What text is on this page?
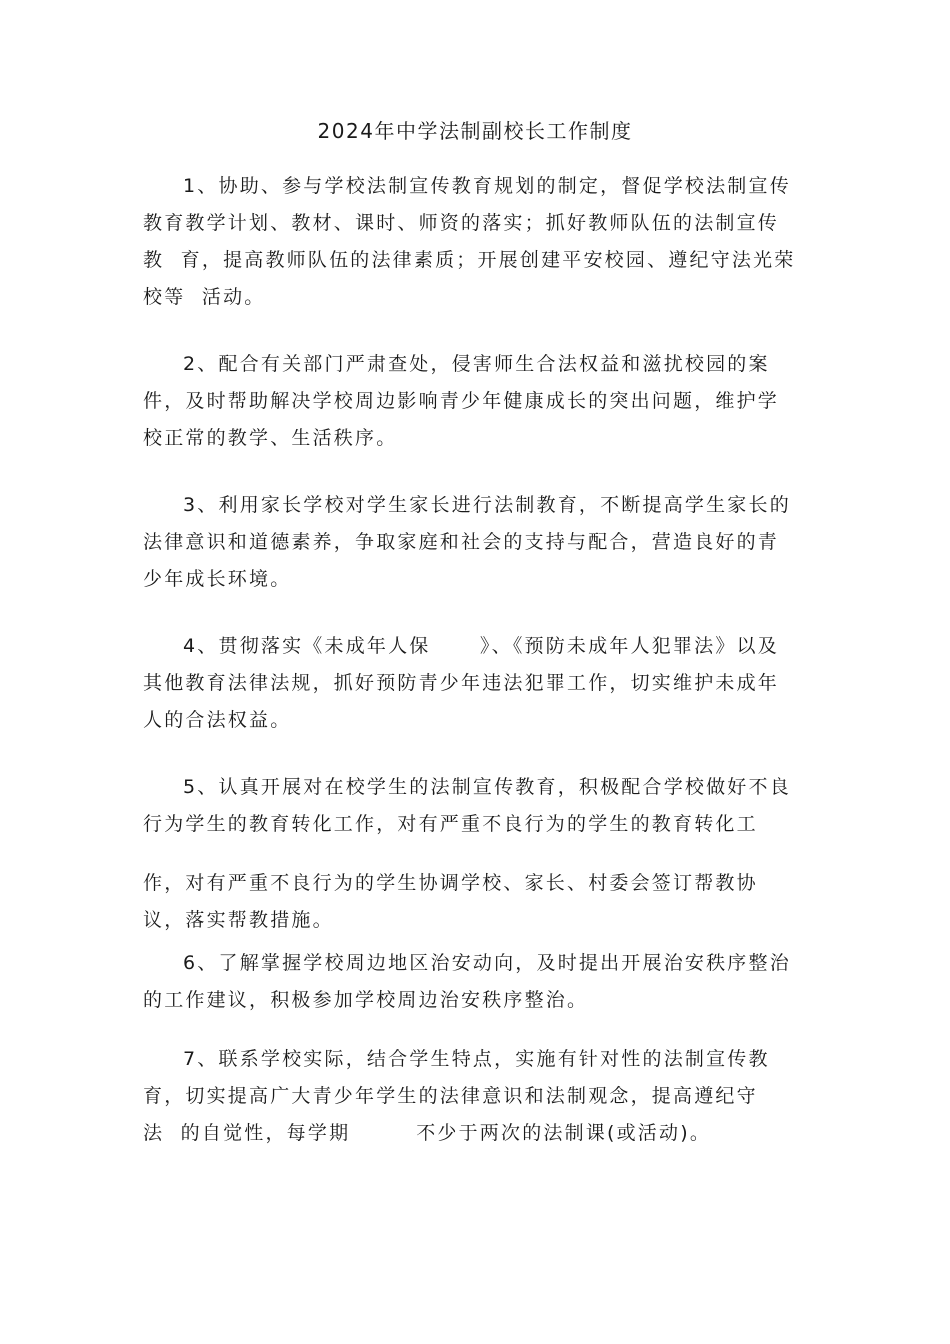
2024年中学法制副校长工作制度
1、协助、参与学校法制宣传教育规划的制定，督促学校法制宣传
教育教学计划、教材、课时、师资的落实；抓好教师队伍的法制宣传
教  育，提高教师队伍的法律素质；开展创建平安校园、遵纪守法光荣
校等  活动。
2、配合有关部门严肃查处，侵害师生合法权益和滋扰校园的案
件，及时帮助解决学校周边影响青少年健康成长的突出问题，维护学
校正常的教学、生活秩序。
3、利用家长学校对学生家长进行法制教育，不断提高学生家长的
法律意识和道德素养，争取家庭和社会的支持与配合，营造良好的青
少年成长环境。
4、贯彻落实《未成年人保      》、《预防未成年人犯罪法》以及
其他教育法律法规，抓好预防青少年违法犯罪工作，切实维护未成年
人的合法权益。
5、认真开展对在校学生的法制宣传教育，积极配合学校做好不良
行为学生的教育转化工作，对有严重不良行为的学生的教育转化工
作，对有严重不良行为的学生协调学校、家长、村委会签订帮教协
议，落实帮教措施。
6、了解掌握学校周边地区治安动向，及时提出开展治安秩序整治
的工作建议，积极参加学校周边治安秩序整治。
7、联系学校实际，结合学生特点，实施有针对性的法制宣传教
育，切实提高广大青少年学生的法律意识和法制观念，提高遵纪守
法  的自觉性，每学期        不少于两次的法制课(或活动)。
